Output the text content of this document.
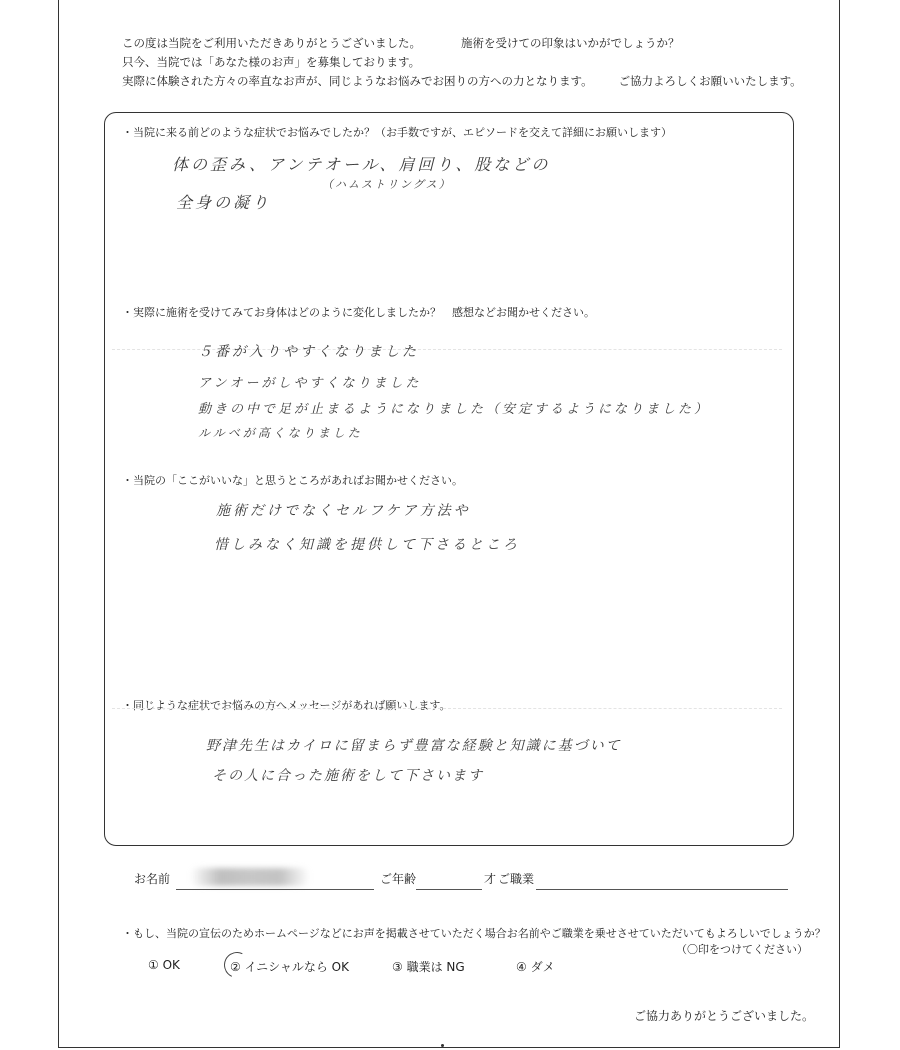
この度は当院をご利用いただきありがとうございました。	施術を受けての印象はいかがでしょうか？
只今、当院では「あなた様のお声」を募集しております。
実際に体験された方々の率直なお声が、同じようなお悩みでお困りの方への力となります。 ご協力よろしくお願いいたします。
・ 当院に来る前どのような症状でお悩みでしたか？（お手数ですが、エピソードを交えて詳細にお願いします）
体の歪み、アンテオール、肩回り、股などの
（ハムストリングス）
全身の凝り
・ 実際に施術を受けてみてお身体はどのように変化しましたか？　感想などお聞かせください。
５番が入りやすくなりました
アンオーがしやすくなりました
動きの中で足が止まるようになりました（安定するようになりました）
ルルベが高くなりました
・ 当院の「ここがいいな」と思うところがあればお聞かせください。
施術だけでなくセルフケア方法や
惜しみなく知識を提供して下さるところ
・ 同じような症状でお悩みの方へメッセージがあれば願いします。
野津先生はカイロに留まらず豊富な経験と知識に基づいて
その人に合った施術をして下さいます
お名前	ご年齢	才 ご職業
・もし、当院の宣伝のためホームページなどにお声を掲載させていただく場合お名前やご職業を乗せさせていただいてもよろしいでしょうか？
（〇印をつけてください）
① OK	② イニシャルなら OK	③ 職業は NG	④ ダメ
ご協力ありがとうございました。
